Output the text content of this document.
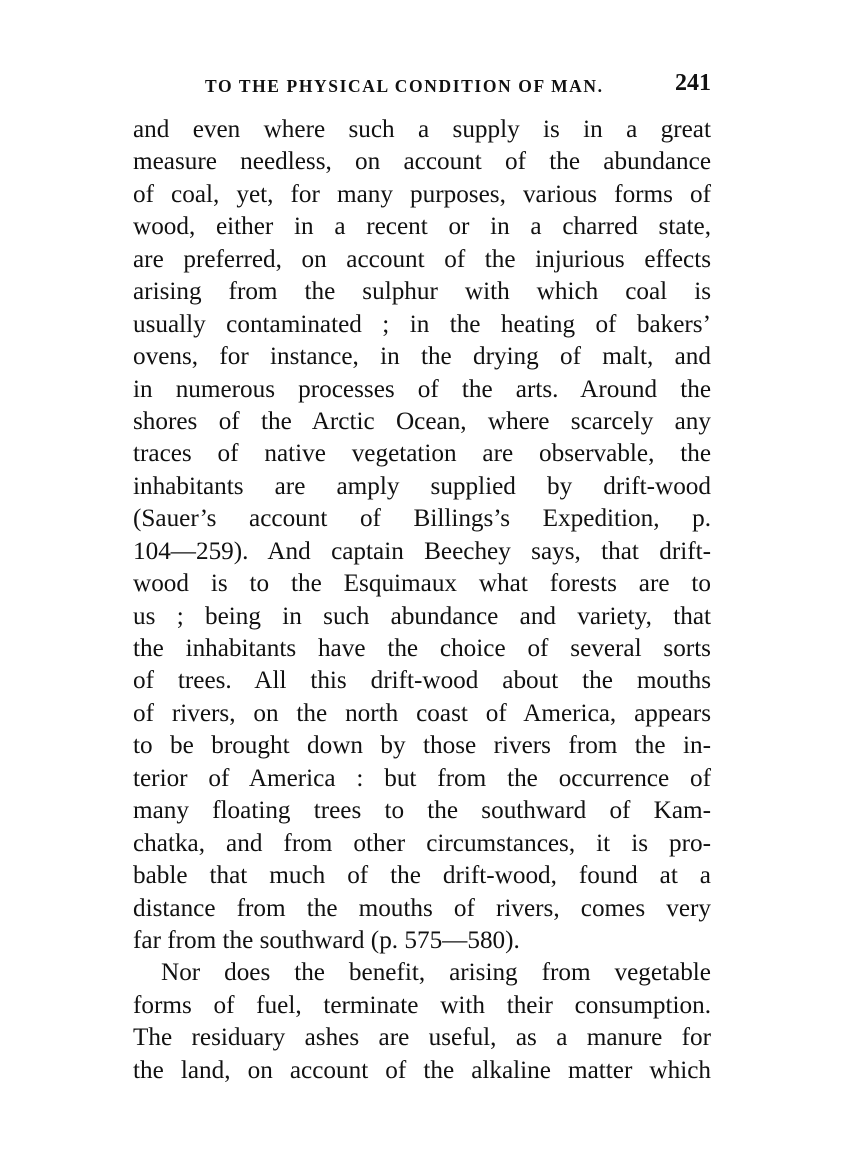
TO THE PHYSICAL CONDITION OF MAN.	241
and even where such a supply is in a great
measure needless, on account of the abundance
of coal, yet, for many purposes, various forms of
wood, either in a recent or in a charred state,
are preferred, on account of the injurious effects
arising from the sulphur with which coal is
usually contaminated ; in the heating of bakers’
ovens, for instance, in the drying of malt, and
in numerous processes of the arts. Around the
shores of the Arctic Ocean, where scarcely any
traces of native vegetation are observable, the
inhabitants are amply supplied by drift-wood
(Sauer’s account of Billings’s Expedition, p.
104—259). And captain Beechey says, that drift-
wood is to the Esquimaux what forests are to
us ; being in such abundance and variety, that
the inhabitants have the choice of several sorts
of trees. All this drift-wood about the mouths
of rivers, on the north coast of America, appears
to be brought down by those rivers from the in-
terior of America : but from the occurrence of
many floating trees to the southward of Kam-
chatka, and from other circumstances, it is pro-
bable that much of the drift-wood, found at a
distance from the mouths of rivers, comes very
far from the southward (p. 575—580).
Nor does the benefit, arising from vegetable
forms of fuel, terminate with their consumption.
The residuary ashes are useful, as a manure for
the land, on account of the alkaline matter which
